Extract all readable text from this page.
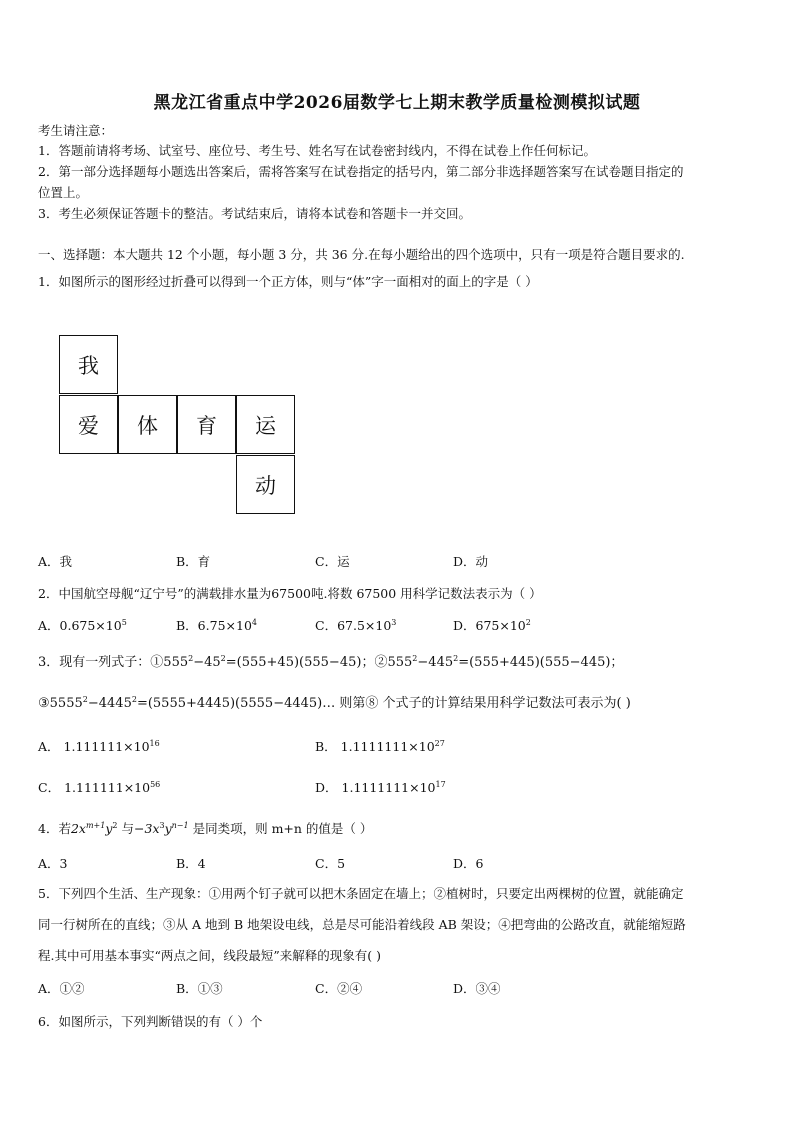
黑龙江省重点中学2026届数学七上期末教学质量检测模拟试题
考生请注意：
1．答题前请将考场、试室号、座位号、考生号、姓名写在试卷密封线内，不得在试卷上作任何标记。
2．第一部分选择题每小题选出答案后，需将答案写在试卷指定的括号内，第二部分非选择题答案写在试卷题目指定的
位置上。
3．考生必须保证答题卡的整洁。考试结束后，请将本试卷和答题卡一并交回。
一、选择题：本大题共 12 个小题，每小题 3 分，共 36 分.在每小题给出的四个选项中，只有一项是符合题目要求的.
1．如图所示的图形经过折叠可以得到一个正方体，则与“体”字一面相对的面上的字是（ ）
我
爱	体	育	运
动
A．我	B．育	C．运	D．动
2．中国航空母舰“辽宁号”的满载排水量为67500吨.将数 67500 用科学记数法表示为（ ）
A．$0.675\times 10^5$	B．$6.75\times 10^4$	C．$67.5\times 10^3$	D．$675\times 10^2$
3．现有一列式子：$①555^2-45^2=(555+45)(555-45)$；$②555^2-445^2=(555+445)(555-445)$；
$③5555^2-4445^2=(5555+4445)(5555-4445)\dots$ 则第⑧ 个式子的计算结果用科学记数法可表示为( )
A． $1.111111\times 10^{16}$	B． $1.1111111\times 10^{27}$
C． $1.111111\times 10^{56}$	D． $1.1111111\times 10^{17}$
4．若$2x^{m+1}y^2$ 与$-3x^3y^{n-1}$ 是同类项，则 m+n 的值是（ ）
A．3	B．4	C．5	D．6
5．下列四个生活、生产现象：①用两个钉子就可以把木条固定在墙上；②植树时，只要定出两棵树的位置，就能确定
同一行树所在的直线；③从 A 地到 B 地架设电线，总是尽可能沿着线段 AB 架设；④把弯曲的公路改直，就能缩短路
程.其中可用基本事实“两点之间，线段最短”来解释的现象有( )
A．①②	B．①③	C．②④	D．③④
6．如图所示，下列判断错误的有（ ）个
